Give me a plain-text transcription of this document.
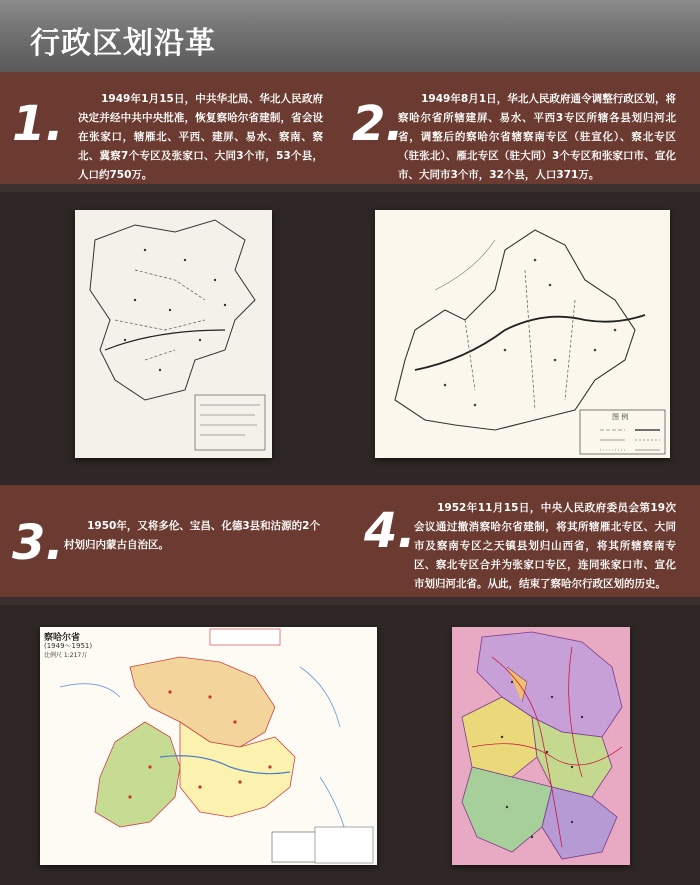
行政区划沿革
1.	1949年1月15日，中共华北局、华北人民政府决定并经中共中央批准，恢复察哈尔省建制，省会设在张家口，辖雁北、平西、建屏、易水、察南、察北、冀察7个专区及张家口、大同3个市，53个县，人口约750万。
2.	1949年8月1日，华北人民政府通令调整行政区划，将察哈尔省所辖建屏、易水、平西3专区所辖各县划归河北省，调整后的察哈尔省辖察南专区（驻宣化）、察北专区（驻张北）、雁北专区（驻大同）3个专区和张家口市、宣化市、大同市3个市，32个县，人口371万。
图 例
3.	1950年，又将多伦、宝昌、化德3县和沽源的2个村划归内蒙古自治区。	4.	1952年11月15日，中央人民政府委员会第19次会议通过撤消察哈尔省建制，将其所辖雁北专区、大同市及察南专区之天镇县划归山西省，将其所辖察南专区、察北专区合并为张家口专区，连同张家口市、宣化市划归河北省。从此，结束了察哈尔行政区划的历史。
察哈尔省
(1949～1951)
比例尺 1:217万
